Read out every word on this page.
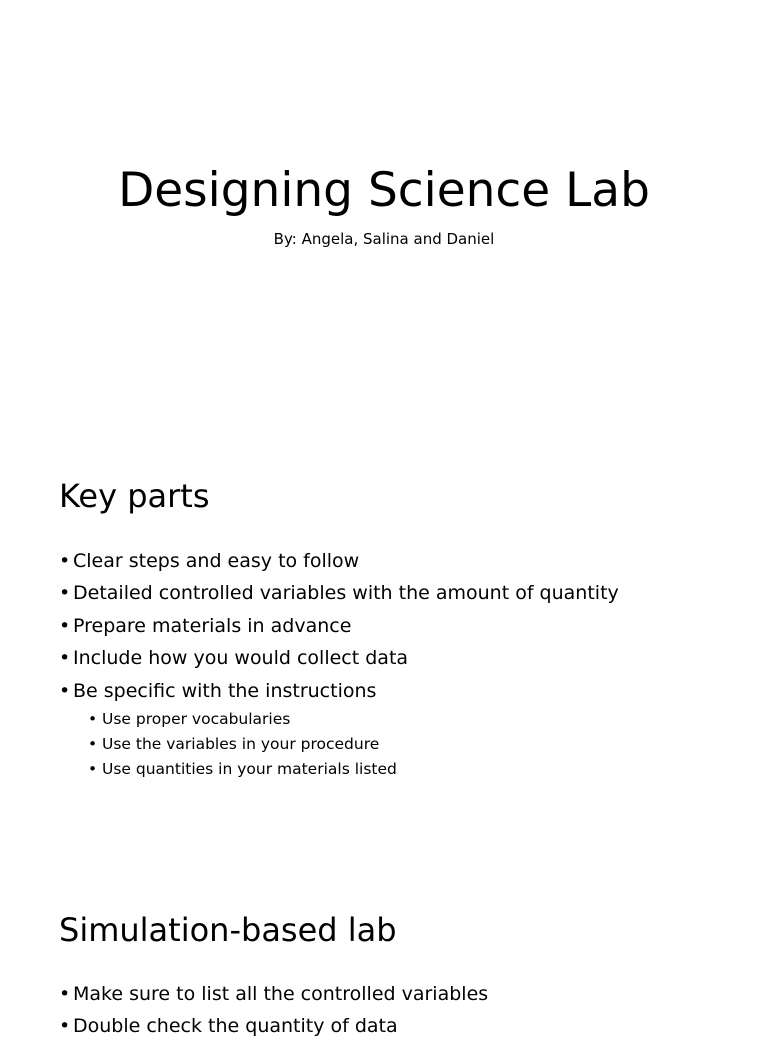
Designing Science Lab

By: Angela, Salina and Daniel

Key parts
• Clear steps and easy to follow
• Detailed controlled variables with the amount of quantity
• Prepare materials in advance
• Include how you would collect data
• Be specific with the instructions
• Use proper vocabularies
• Use the variables in your procedure
• Use quantities in your materials listed
Simulation-based lab
• Make sure to list all the controlled variables
• Double check the quantity of data
